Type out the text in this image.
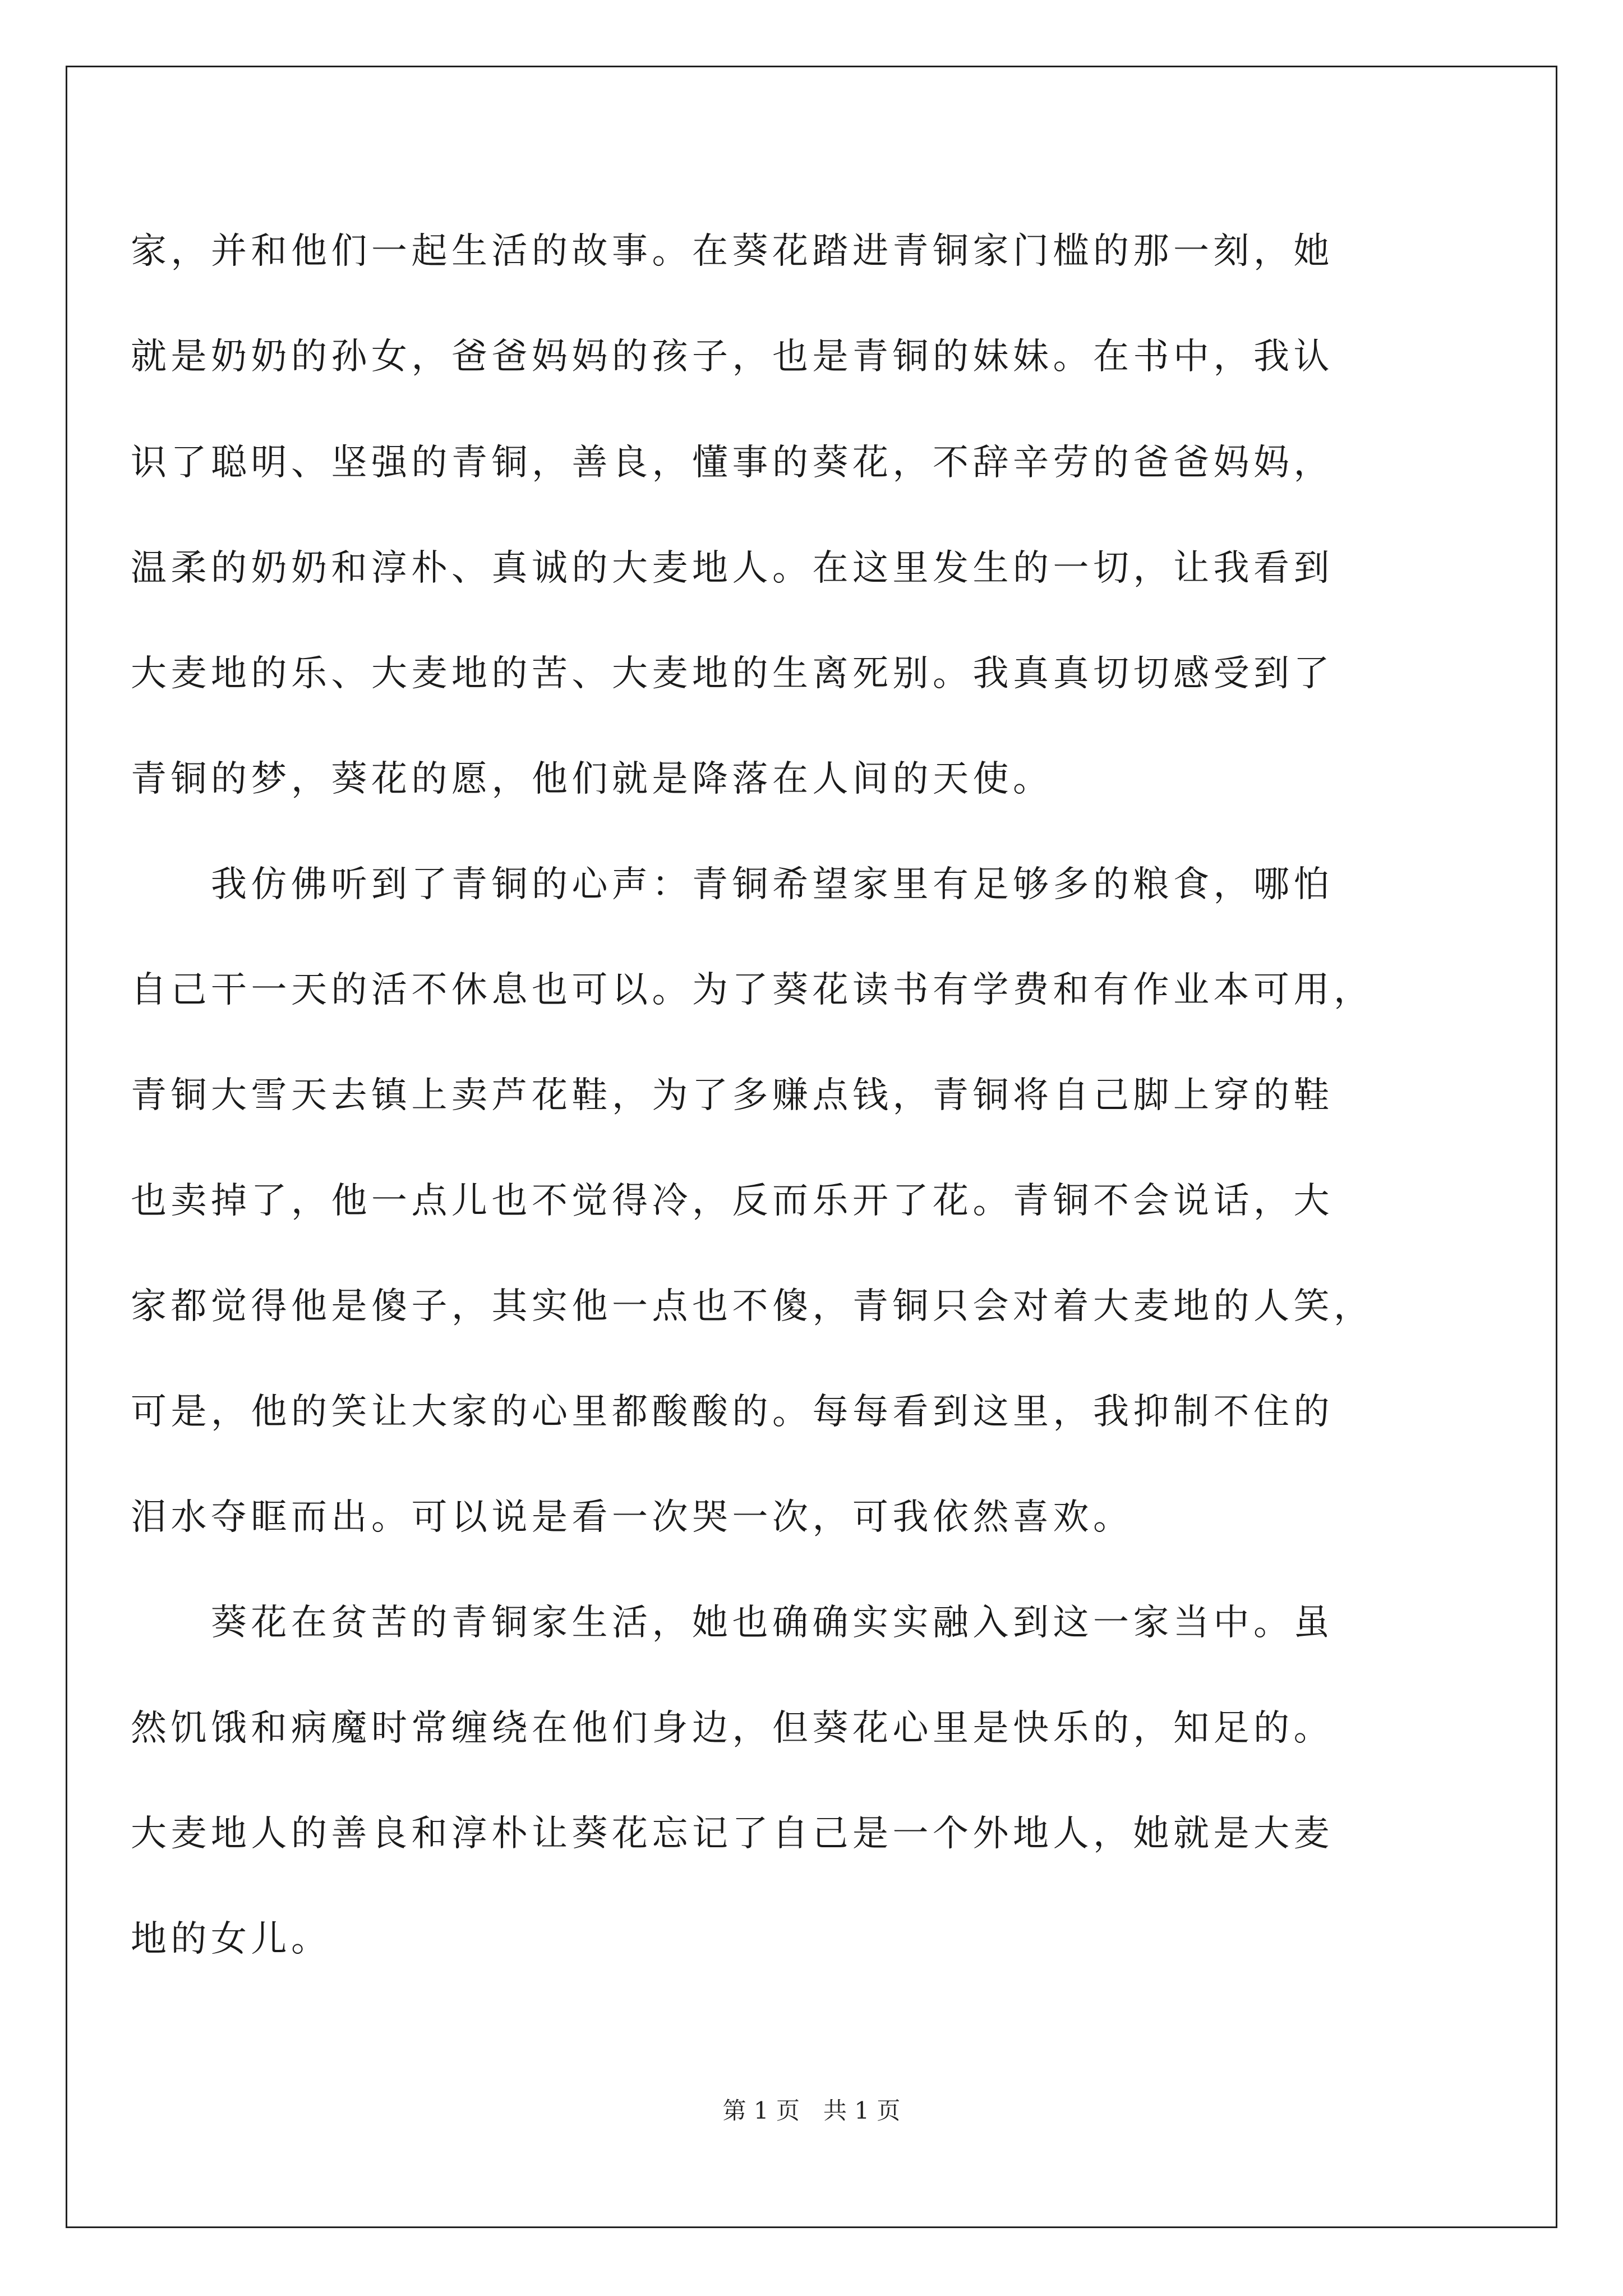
家，并和他们一起生活的故事。在葵花踏进青铜家门槛的那一刻，她
就是奶奶的孙女，爸爸妈妈的孩子，也是青铜的妹妹。在书中，我认
识了聪明、坚强的青铜，善良，懂事的葵花，不辞辛劳的爸爸妈妈，
温柔的奶奶和淳朴、真诚的大麦地人。在这里发生的一切，让我看到
大麦地的乐、大麦地的苦、大麦地的生离死别。我真真切切感受到了
青铜的梦，葵花的愿，他们就是降落在人间的天使。
　　我仿佛听到了青铜的心声：青铜希望家里有足够多的粮食，哪怕
自己干一天的活不休息也可以。为了葵花读书有学费和有作业本可用，
青铜大雪天去镇上卖芦花鞋，为了多赚点钱，青铜将自己脚上穿的鞋
也卖掉了，他一点儿也不觉得冷，反而乐开了花。青铜不会说话，大
家都觉得他是傻子，其实他一点也不傻，青铜只会对着大麦地的人笑，
可是，他的笑让大家的心里都酸酸的。每每看到这里，我抑制不住的
泪水夺眶而出。可以说是看一次哭一次，可我依然喜欢。
　　葵花在贫苦的青铜家生活，她也确确实实融入到这一家当中。虽
然饥饿和病魔时常缠绕在他们身边，但葵花心里是快乐的，知足的。
大麦地人的善良和淳朴让葵花忘记了自己是一个外地人，她就是大麦
地的女儿。
第 1 页　共 1 页
